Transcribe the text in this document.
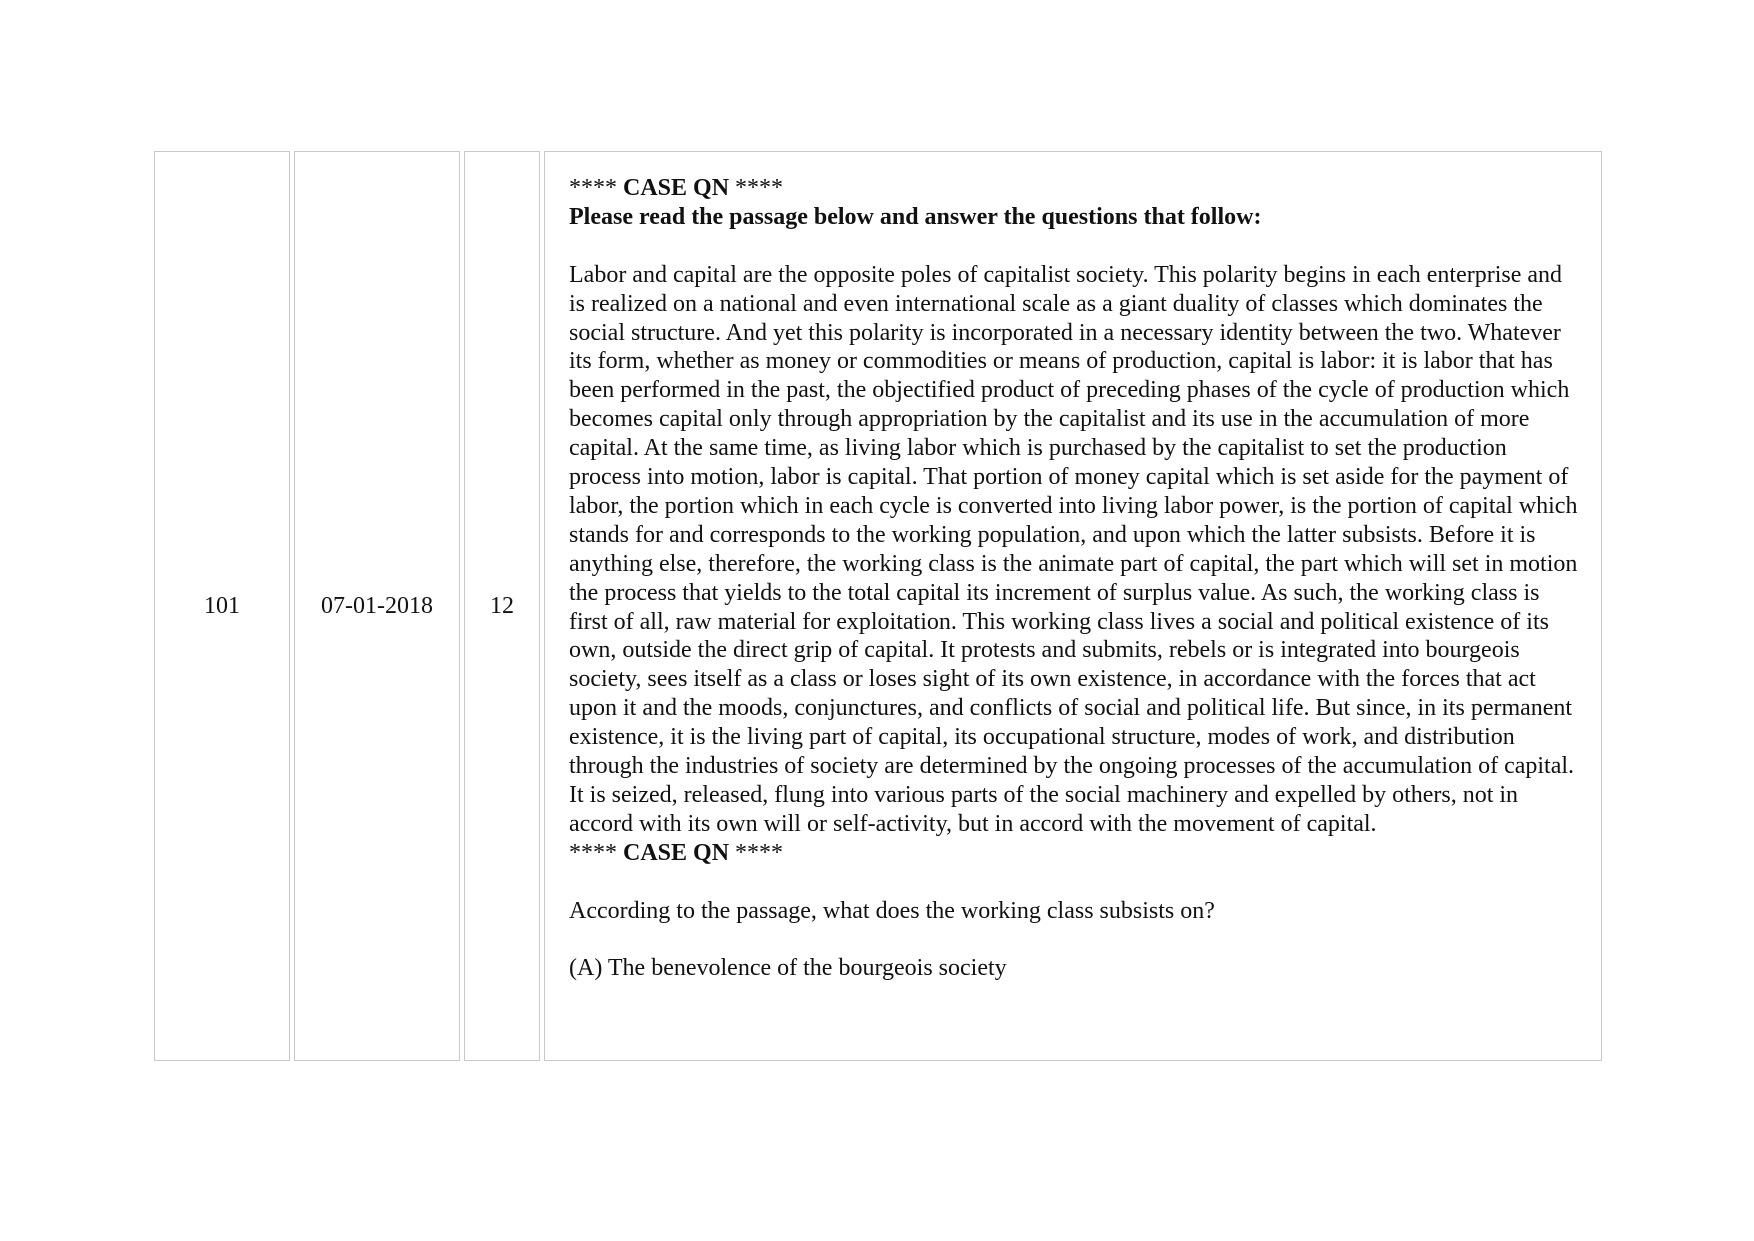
101	07-01-2018	12	**** CASE QN ****
Please read the passage below and answer the questions that follow:
Labor and capital are the opposite poles of capitalist society. This polarity begins in each enterprise and is realized on a national and even international scale as a giant duality of classes which dominates the social structure. And yet this polarity is incorporated in a necessary identity between the two. Whatever its form, whether as money or commodities or means of production, capital is labor: it is labor that has been performed in the past, the objectified product of preceding phases of the cycle of production which becomes capital only through appropriation by the capitalist and its use in the accumulation of more capital. At the same time, as living labor which is purchased by the capitalist to set the production process into motion, labor is capital. That portion of money capital which is set aside for the payment of labor, the portion which in each cycle is converted into living labor power, is the portion of capital which stands for and corresponds to the working population, and upon which the latter subsists. Before it is anything else, therefore, the working class is the animate part of capital, the part which will set in motion the process that yields to the total capital its increment of surplus value. As such, the working class is first of all, raw material for exploitation. This working class lives a social and political existence of its own, outside the direct grip of capital. It protests and submits, rebels or is integrated into bourgeois society, sees itself as a class or loses sight of its own existence, in accordance with the forces that act upon it and the moods, conjunctures, and conflicts of social and political life. But since, in its permanent existence, it is the living part of capital, its occupational structure, modes of work, and distribution through the industries of society are determined by the ongoing processes of the accumulation of capital. It is seized, released, flung into various parts of the social machinery and expelled by others, not in accord with its own will or self-activity, but in accord with the movement of capital.
**** CASE QN ****
According to the passage, what does the working class subsists on?
(A) The benevolence of the bourgeois society
